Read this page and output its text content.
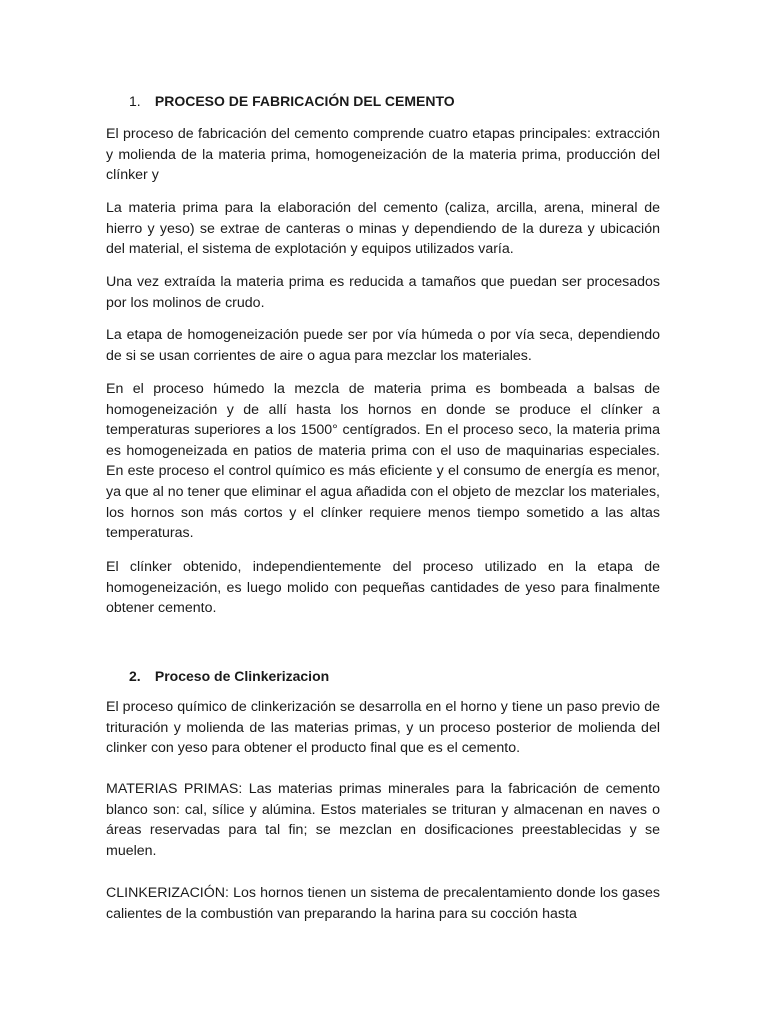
1. PROCESO DE FABRICACIÓN DEL CEMENTO

El proceso de fabricación del cemento comprende cuatro etapas principales: extracción y molienda de la materia prima, homogeneización de la materia prima, producción del clínker y

La materia prima para la elaboración del cemento (caliza, arcilla, arena, mineral de hierro y yeso) se extrae de canteras o minas y dependiendo de la dureza y ubicación del material, el sistema de explotación y equipos utilizados varía.

Una vez extraída la materia prima es reducida a tamaños que puedan ser procesados por los molinos de crudo.

La etapa de homogeneización puede ser por vía húmeda o por vía seca, dependiendo de si se usan corrientes de aire o agua para mezclar los materiales.

En el proceso húmedo la mezcla de materia prima es bombeada a balsas de homogeneización y de allí hasta los hornos en donde se produce el clínker a temperaturas superiores a los 1500° centígrados. En el proceso seco, la materia prima es homogeneizada en patios de materia prima con el uso de maquinarias especiales. En este proceso el control químico es más eficiente y el consumo de energía es menor, ya que al no tener que eliminar el agua añadida con el objeto de mezclar los materiales, los hornos son más cortos y el clínker requiere menos tiempo sometido a las altas temperaturas.

El clínker obtenido, independientemente del proceso utilizado en la etapa de homogeneización, es luego molido con pequeñas cantidades de yeso para finalmente obtener cemento.

2. Proceso de Clinkerizacion

El proceso químico de clinkerización se desarrolla en el horno y tiene un paso previo de trituración y molienda de las materias primas, y un proceso posterior de molienda del clinker con yeso para obtener el producto final que es el cemento.

MATERIAS PRIMAS: Las materias primas minerales para la fabricación de cemento blanco son: cal, sílice y alúmina. Estos materiales se trituran y almacenan en naves o áreas reservadas para tal fin; se mezclan en dosificaciones preestablecidas y se muelen.

CLINKERIZACIÓN: Los hornos tienen un sistema de precalentamiento donde los gases calientes de la combustión van preparando la harina para su cocción hasta
